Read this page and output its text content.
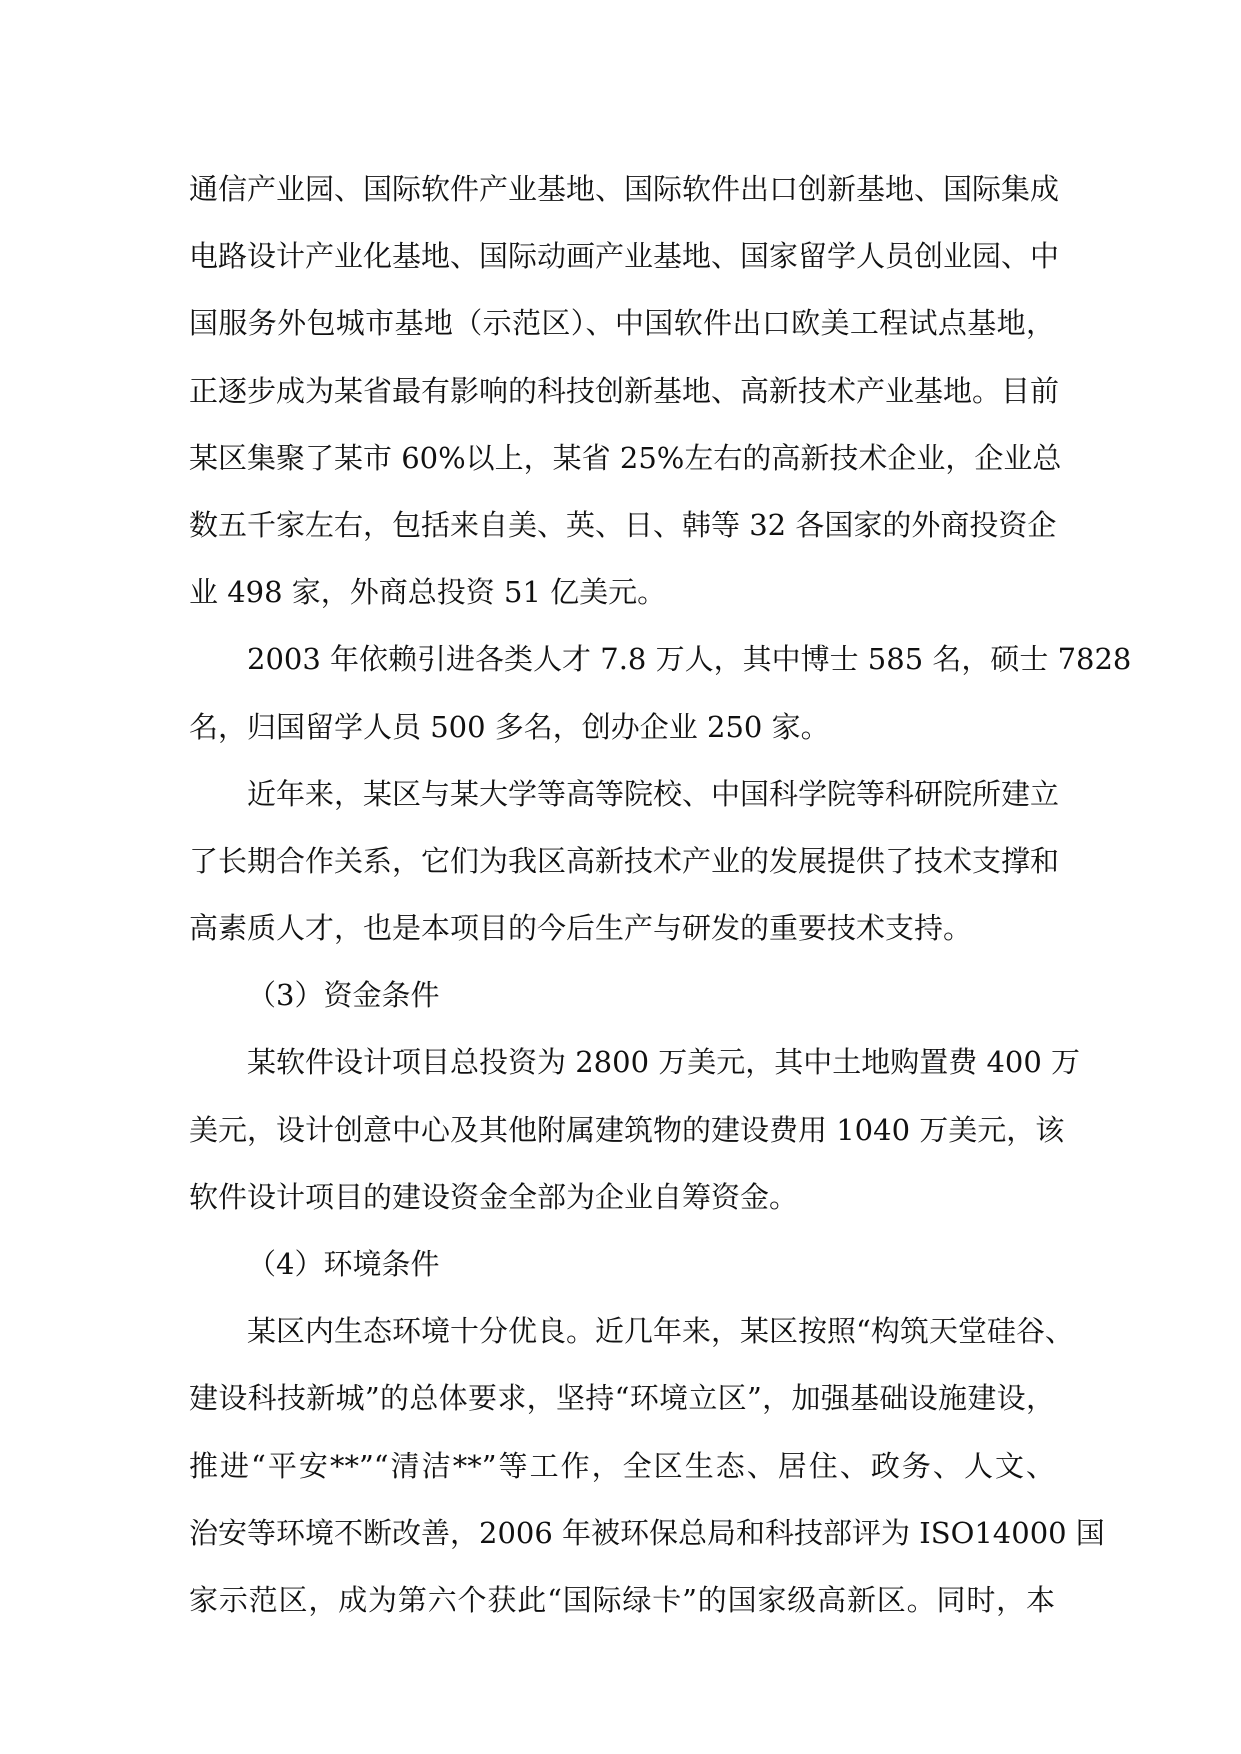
通信产业园、国际软件产业基地、国际软件出口创新基地、国际集成
电路设计产业化基地、国际动画产业基地、国家留学人员创业园、中
国服务外包城市基地（示范区）、中国软件出口欧美工程试点基地，
正逐步成为某省最有影响的科技创新基地、高新技术产业基地。目前
某区集聚了某市 60%以上，某省 25%左右的高新技术企业，企业总
数五千家左右，包括来自美、英、日、韩等 32 各国家的外商投资企
业 498 家，外商总投资 51 亿美元。
2003 年依赖引进各类人才 7.8 万人，其中博士 585 名，硕士 7828
名，归国留学人员 500 多名，创办企业 250 家。
近年来，某区与某大学等高等院校、中国科学院等科研院所建立
了长期合作关系，它们为我区高新技术产业的发展提供了技术支撑和
高素质人才，也是本项目的今后生产与研发的重要技术支持。
（3）资金条件
某软件设计项目总投资为 2800 万美元，其中土地购置费 400 万
美元，设计创意中心及其他附属建筑物的建设费用 1040 万美元，该
软件设计项目的建设资金全部为企业自筹资金。
（4）环境条件
某区内生态环境十分优良。近几年来，某区按照“构筑天堂硅谷、
建设科技新城”的总体要求，坚持“环境立区”，加强基础设施建设，
推进“平安**”“清洁**”等工作，全区生态、居住、政务、人文、
治安等环境不断改善，2006 年被环保总局和科技部评为 ISO14000 国
家示范区，成为第六个获此“国际绿卡”的国家级高新区。同时，本
